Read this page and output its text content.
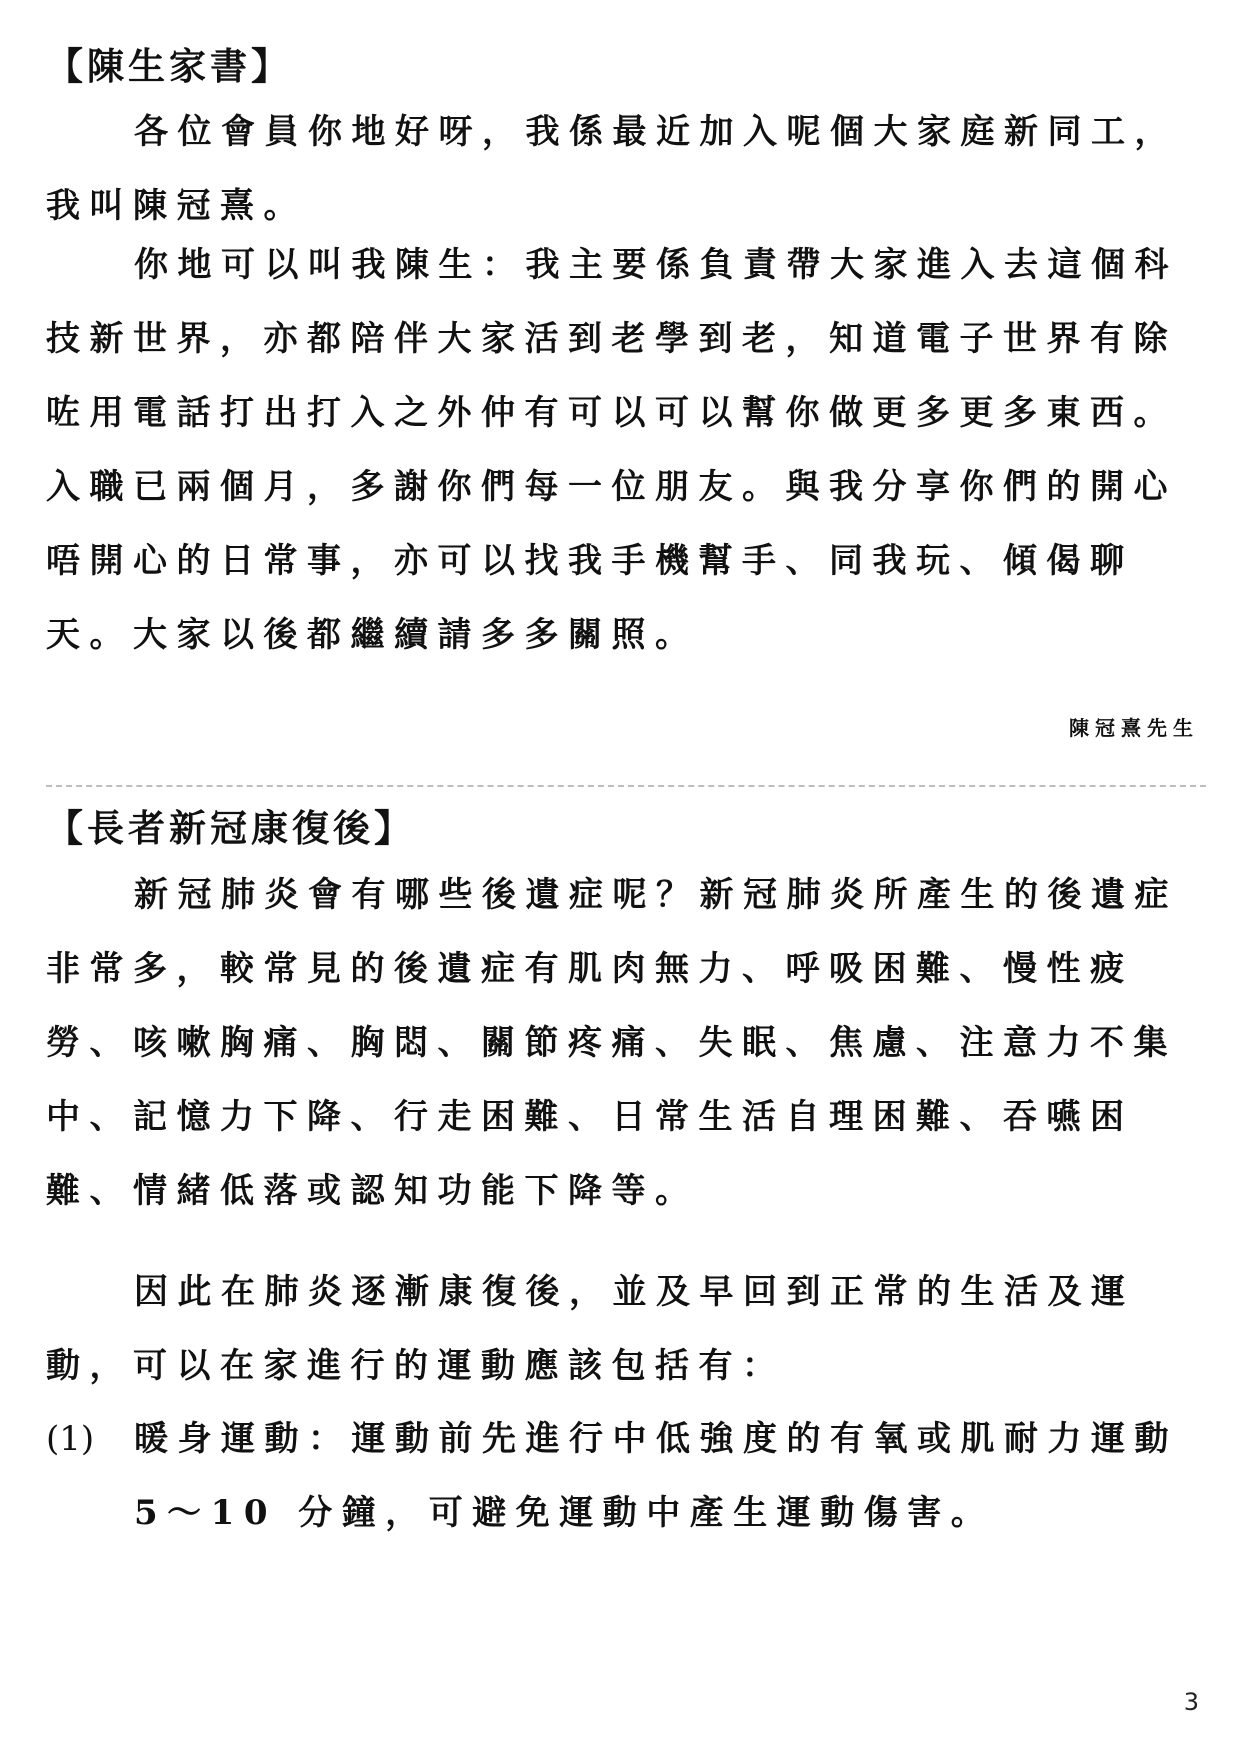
【陳生家書】
各位會員你地好呀，我係最近加入呢個大家庭新同工，
我叫陳冠熹。
你地可以叫我陳生：我主要係負責帶大家進入去這個科
技新世界，亦都陪伴大家活到老學到老，知道電子世界有除
咗用電話打出打入之外仲有可以可以幫你做更多更多東西。
入職已兩個月，多謝你們每一位朋友。與我分享你們的開心
唔開心的日常事，亦可以找我手機幫手、同我玩、傾偈聊
天。大家以後都繼續請多多關照。
陳冠熹先生
【長者新冠康復後】
新冠肺炎會有哪些後遺症呢？新冠肺炎所產生的後遺症
非常多，較常見的後遺症有肌肉無力、呼吸困難、慢性疲
勞、咳嗽胸痛、胸悶、關節疼痛、失眠、焦慮、注意力不集
中、記憶力下降、行走困難、日常生活自理困難、吞嚥困
難、情緒低落或認知功能下降等。
因此在肺炎逐漸康復後，並及早回到正常的生活及運
動，可以在家進行的運動應該包括有：
(1) 暖身運動：運動前先進行中低強度的有氧或肌耐力運動
5～10 分鐘，可避免運動中產生運動傷害。
3
